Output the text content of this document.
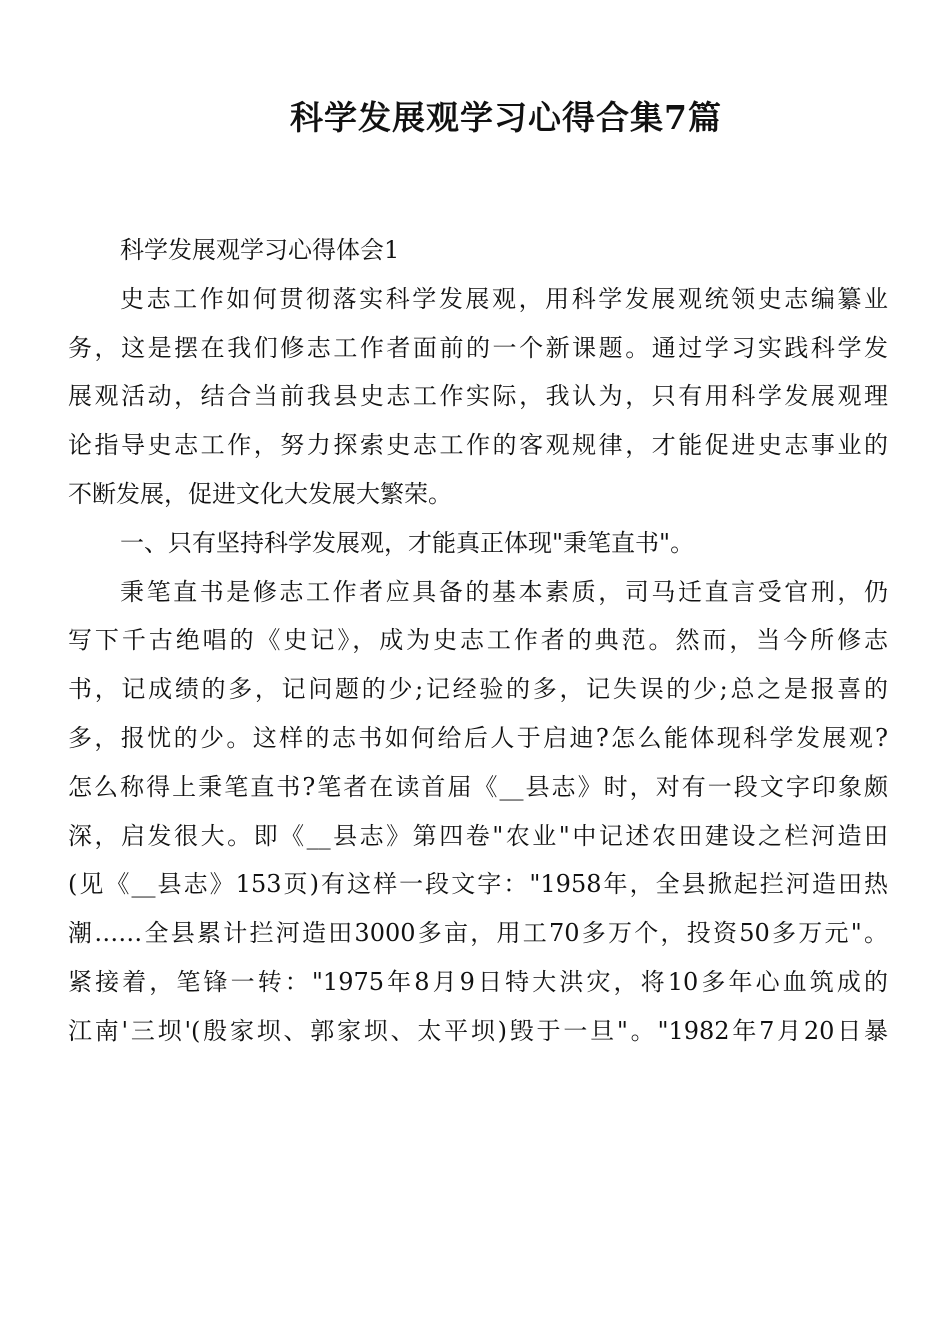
科学发展观学习心得合集7篇
科学发展观学习心得体会1
史志工作如何贯彻落实科学发展观，用科学发展观统领史志编纂业
务，这是摆在我们修志工作者面前的一个新课题。通过学习实践科学发
展观活动，结合当前我县史志工作实际，我认为，只有用科学发展观理
论指导史志工作，努力探索史志工作的客观规律，才能促进史志事业的
不断发展，促进文化大发展大繁荣。
一、只有坚持科学发展观，才能真正体现"秉笔直书"。
秉笔直书是修志工作者应具备的基本素质，司马迁直言受官刑，仍
写下千古绝唱的《史记》，成为史志工作者的典范。然而，当今所修志
书，记成绩的多，记问题的少;记经验的多，记失误的少;总之是报喜的
多，报忧的少。这样的志书如何给后人于启迪?怎么能体现科学发展观?
怎么称得上秉笔直书?笔者在读首届《__县志》时，对有一段文字印象颇
深，启发很大。即《__县志》第四卷"农业"中记述农田建设之栏河造田
(见《__县志》153页)有这样一段文字："1958年，全县掀起拦河造田热
潮……全县累计拦河造田3000多亩，用工70多万个，投资50多万元"。
紧接着，笔锋一转："1975年8月9日特大洪灾，将10多年心血筑成的
江南'三坝'(殷家坝、郭家坝、太平坝)毁于一旦"。"1982年7月20日暴
